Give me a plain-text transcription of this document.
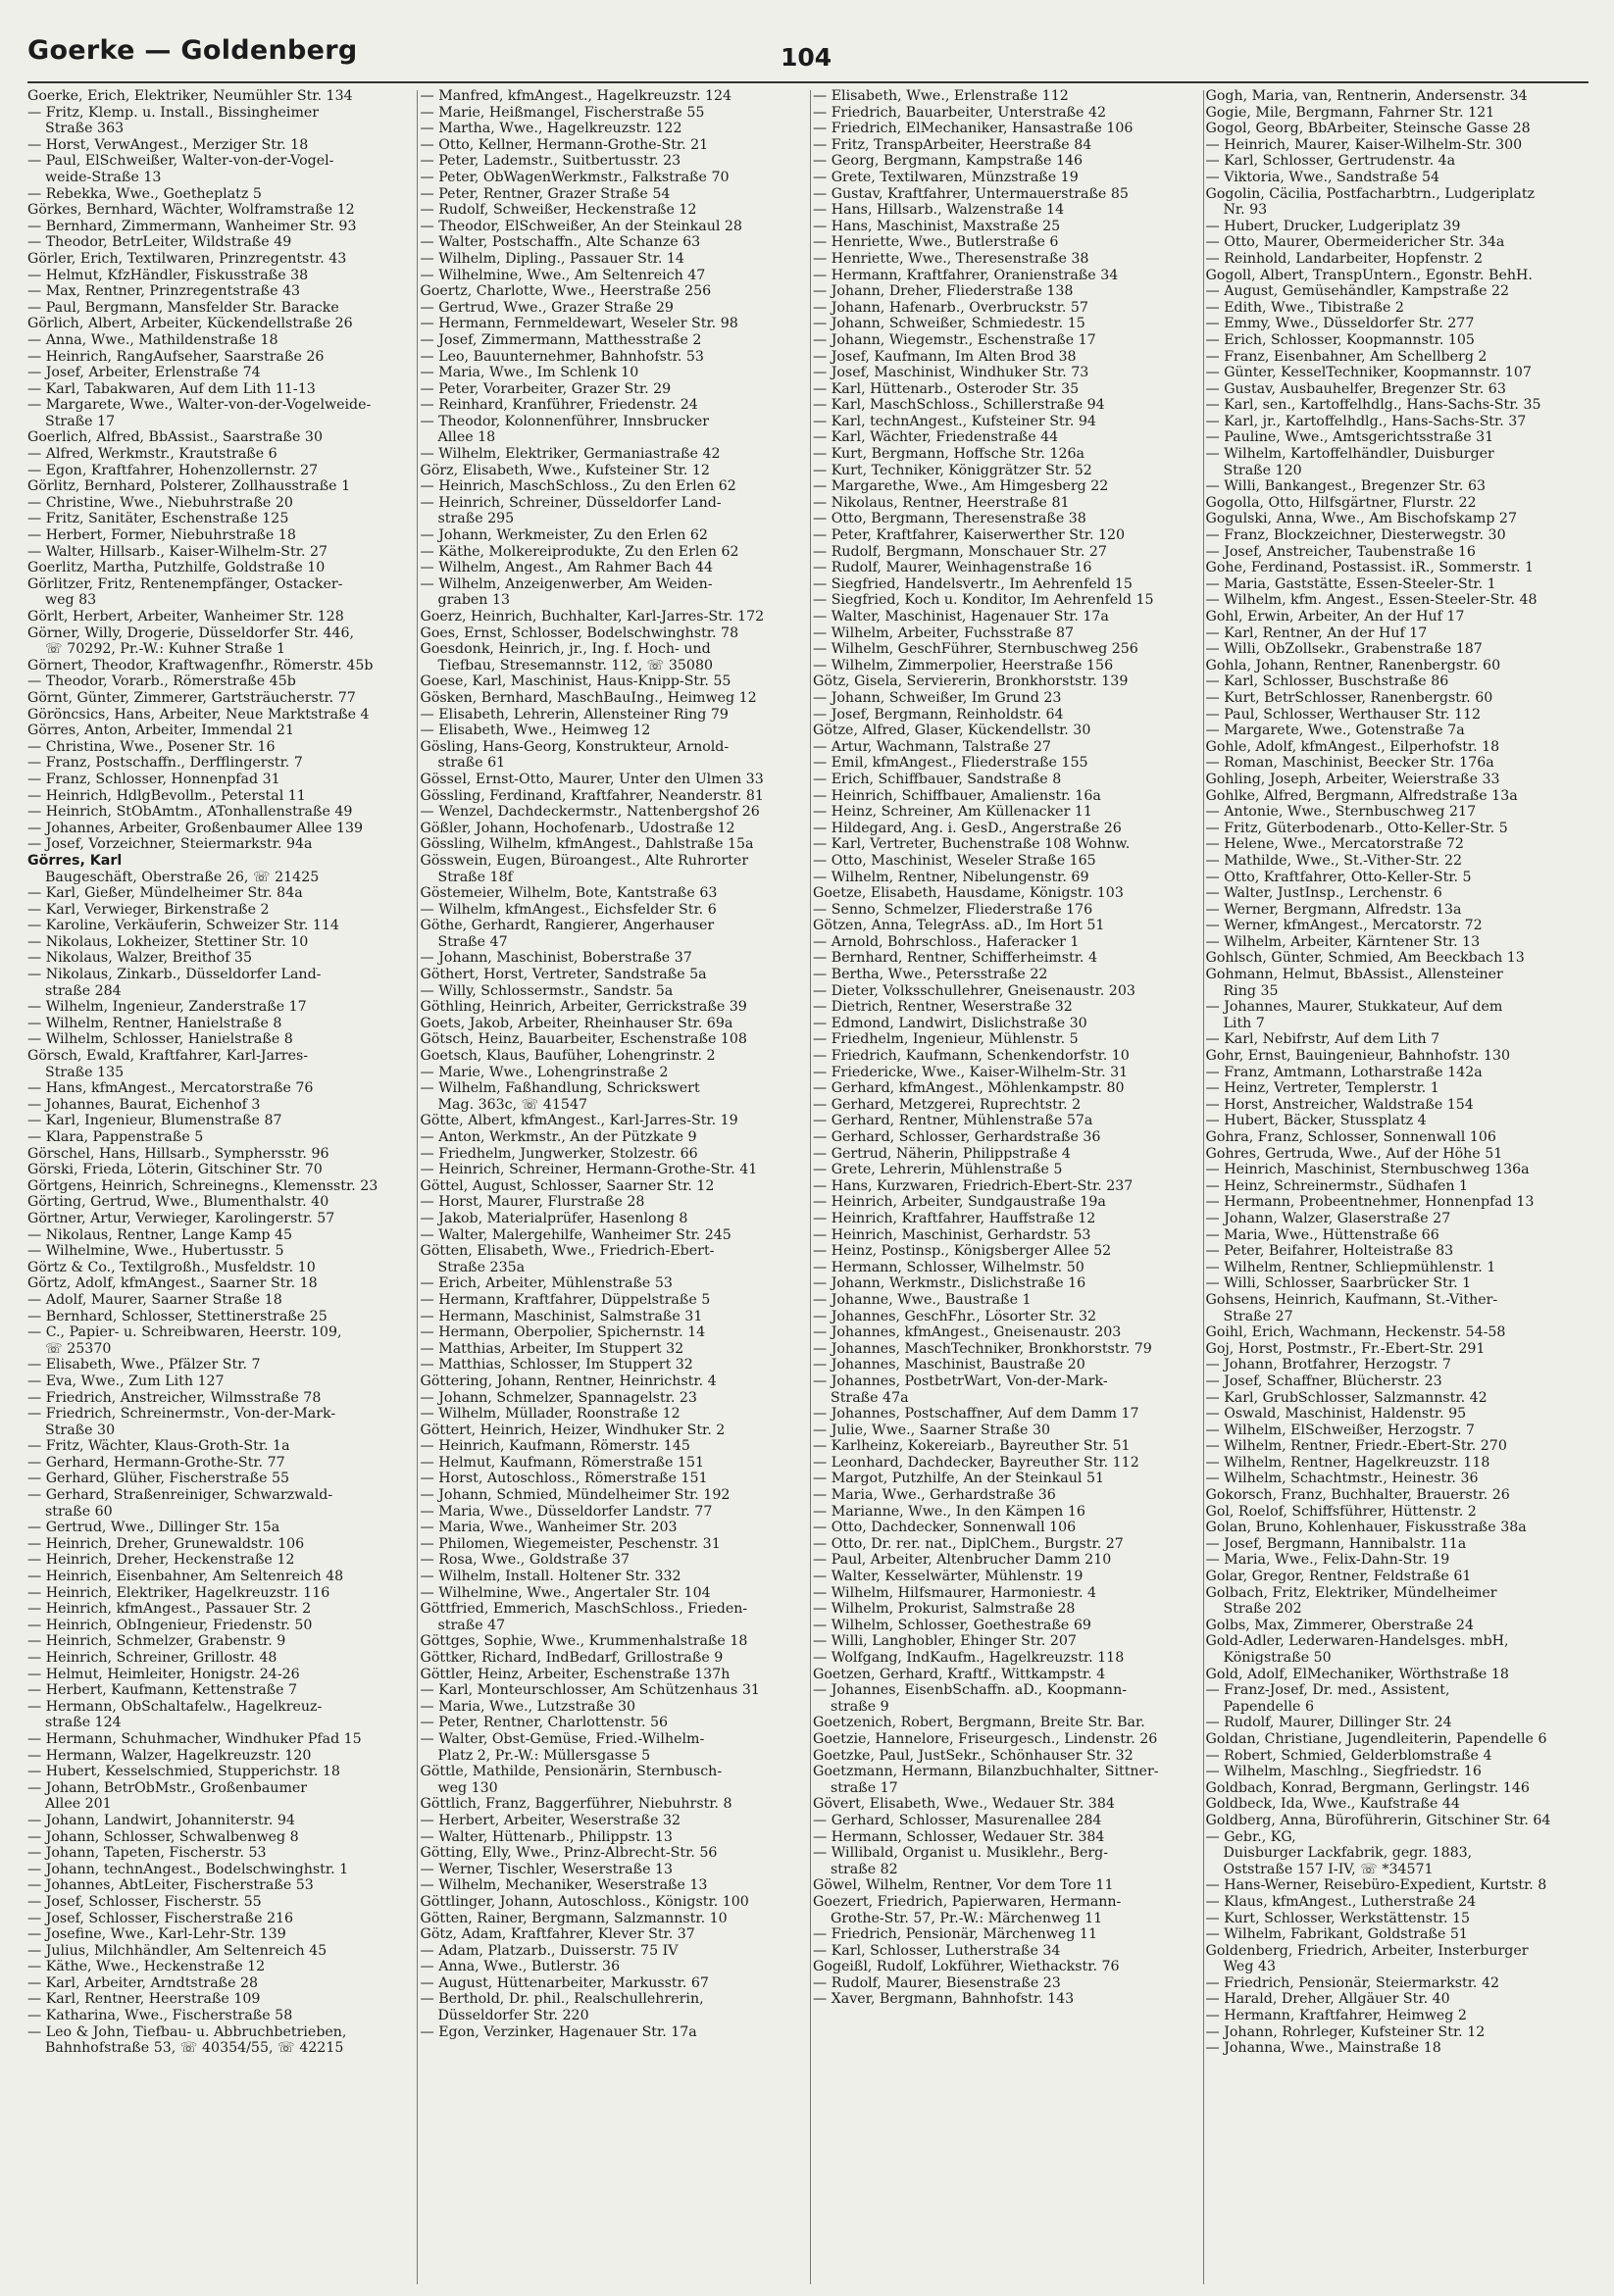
Goerke — Goldenberg	104
Goerke, Erich, Elektriker, Neumühler Str. 134
— Fritz, Klemp. u. Install., Bissingheimer
Straße 363
— Horst, VerwAngest., Merziger Str. 18
— Paul, ElSchweißer, Walter-von-der-Vogel-
weide-Straße 13
— Rebekka, Wwe., Goetheplatz 5
Görkes, Bernhard, Wächter, Wolframstraße 12
— Bernhard, Zimmermann, Wanheimer Str. 93
— Theodor, BetrLeiter, Wildstraße 49
Görler, Erich, Textilwaren, Prinzregentstr. 43
— Helmut, KfzHändler, Fiskusstraße 38
— Max, Rentner, Prinzregentstraße 43
— Paul, Bergmann, Mansfelder Str. Baracke
Görlich, Albert, Arbeiter, Kückendellstraße 26
— Anna, Wwe., Mathildenstraße 18
— Heinrich, RangAufseher, Saarstraße 26
— Josef, Arbeiter, Erlenstraße 74
— Karl, Tabakwaren, Auf dem Lith 11-13
— Margarete, Wwe., Walter-von-der-Vogelweide-
Straße 17
Goerlich, Alfred, BbAssist., Saarstraße 30
— Alfred, Werkmstr., Krautstraße 6
— Egon, Kraftfahrer, Hohenzollernstr. 27
Görlitz, Bernhard, Polsterer, Zollhausstraße 1
— Christine, Wwe., Niebuhrstraße 20
— Fritz, Sanitäter, Eschenstraße 125
— Herbert, Former, Niebuhrstraße 18
— Walter, Hillsarb., Kaiser-Wilhelm-Str. 27
Goerlitz, Martha, Putzhilfe, Goldstraße 10
Görlitzer, Fritz, Rentenempfänger, Ostacker-
weg 83
Görlt, Herbert, Arbeiter, Wanheimer Str. 128
Görner, Willy, Drogerie, Düsseldorfer Str. 446,
☏ 70292, Pr.-W.: Kuhner Straße 1
Görnert, Theodor, Kraftwagenfhr., Römerstr. 45b
— Theodor, Vorarb., Römerstraße 45b
Görnt, Günter, Zimmerer, Gartsträucherstr. 77
Göröncsics, Hans, Arbeiter, Neue Marktstraße 4
Görres, Anton, Arbeiter, Immendal 21
— Christina, Wwe., Posener Str. 16
— Franz, Postschaffn., Derfflingerstr. 7
— Franz, Schlosser, Honnenpfad 31
— Heinrich, HdlgBevollm., Peterstal 11
— Heinrich, StObAmtm., ATonhallenstraße 49
— Johannes, Arbeiter, Großenbaumer Allee 139
— Josef, Vorzeichner, Steiermarkstr. 94a
Görres, Karl
Baugeschäft, Oberstraße 26, ☏ 21425
— Karl, Gießer, Mündelheimer Str. 84a
— Karl, Verwieger, Birkenstraße 2
— Karoline, Verkäuferin, Schweizer Str. 114
— Nikolaus, Lokheizer, Stettiner Str. 10
— Nikolaus, Walzer, Breithof 35
— Nikolaus, Zinkarb., Düsseldorfer Land-
straße 284
— Wilhelm, Ingenieur, Zanderstraße 17
— Wilhelm, Rentner, Hanielstraße 8
— Wilhelm, Schlosser, Hanielstraße 8
Görsch, Ewald, Kraftfahrer, Karl-Jarres-
Straße 135
— Hans, kfmAngest., Mercatorstraße 76
— Johannes, Baurat, Eichenhof 3
— Karl, Ingenieur, Blumenstraße 87
— Klara, Pappenstraße 5
Görschel, Hans, Hillsarb., Symphersstr. 96
Görski, Frieda, Löterin, Gitschiner Str. 70
Görtgens, Heinrich, Schreinegns., Klemensstr. 23
Görting, Gertrud, Wwe., Blumenthalstr. 40
Görtner, Artur, Verwieger, Karolingerstr. 57
— Nikolaus, Rentner, Lange Kamp 45
— Wilhelmine, Wwe., Hubertusstr. 5
Görtz & Co., Textilgroßh., Musfeldstr. 10
Görtz, Adolf, kfmAngest., Saarner Str. 18
— Adolf, Maurer, Saarner Straße 18
— Bernhard, Schlosser, Stettinerstraße 25
— C., Papier- u. Schreibwaren, Heerstr. 109,
☏ 25370
— Elisabeth, Wwe., Pfälzer Str. 7
— Eva, Wwe., Zum Lith 127
— Friedrich, Anstreicher, Wilmsstraße 78
— Friedrich, Schreinermstr., Von-der-Mark-
Straße 30
— Fritz, Wächter, Klaus-Groth-Str. 1a
— Gerhard, Hermann-Grothe-Str. 77
— Gerhard, Glüher, Fischerstraße 55
— Gerhard, Straßenreiniger, Schwarzwald-
straße 60
— Gertrud, Wwe., Dillinger Str. 15a
— Heinrich, Dreher, Grunewaldstr. 106
— Heinrich, Dreher, Heckenstraße 12
— Heinrich, Eisenbahner, Am Seltenreich 48
— Heinrich, Elektriker, Hagelkreuzstr. 116
— Heinrich, kfmAngest., Passauer Str. 2
— Heinrich, ObIngenieur, Friedenstr. 50
— Heinrich, Schmelzer, Grabenstr. 9
— Heinrich, Schreiner, Grillostr. 48
— Helmut, Heimleiter, Honigstr. 24-26
— Herbert, Kaufmann, Kettenstraße 7
— Hermann, ObSchaltafelw., Hagelkreuz-
straße 124
— Hermann, Schuhmacher, Windhuker Pfad 15
— Hermann, Walzer, Hagelkreuzstr. 120
— Hubert, Kesselschmied, Stupperichstr. 18
— Johann, BetrObMstr., Großenbaumer
Allee 201
— Johann, Landwirt, Johanniterstr. 94
— Johann, Schlosser, Schwalbenweg 8
— Johann, Tapeten, Fischerstr. 53
— Johann, technAngest., Bodelschwinghstr. 1
— Johannes, AbtLeiter, Fischerstraße 53
— Josef, Schlosser, Fischerstr. 55
— Josef, Schlosser, Fischerstraße 216
— Josefine, Wwe., Karl-Lehr-Str. 139
— Julius, Milchhändler, Am Seltenreich 45
— Käthe, Wwe., Heckenstraße 12
— Karl, Arbeiter, Arndtstraße 28
— Karl, Rentner, Heerstraße 109
— Katharina, Wwe., Fischerstraße 58
— Leo & John, Tiefbau- u. Abbruchbetrieben,
Bahnhofstraße 53, ☏ 40354/55, ☏ 42215
— Manfred, kfmAngest., Hagelkreuzstr. 124
— Marie, Heißmangel, Fischerstraße 55
— Martha, Wwe., Hagelkreuzstr. 122
— Otto, Kellner, Hermann-Grothe-Str. 21
— Peter, Lademstr., Suitbertusstr. 23
— Peter, ObWagenWerkmstr., Falkstraße 70
— Peter, Rentner, Grazer Straße 54
— Rudolf, Schweißer, Heckenstraße 12
— Theodor, ElSchweißer, An der Steinkaul 28
— Walter, Postschaffn., Alte Schanze 63
— Wilhelm, Dipling., Passauer Str. 14
— Wilhelmine, Wwe., Am Seltenreich 47
Goertz, Charlotte, Wwe., Heerstraße 256
— Gertrud, Wwe., Grazer Straße 29
— Hermann, Fernmeldewart, Weseler Str. 98
— Josef, Zimmermann, Matthesstraße 2
— Leo, Bauunternehmer, Bahnhofstr. 53
— Maria, Wwe., Im Schlenk 10
— Peter, Vorarbeiter, Grazer Str. 29
— Reinhard, Kranführer, Friedenstr. 24
— Theodor, Kolonnenführer, Innsbrucker
Allee 18
— Wilhelm, Elektriker, Germaniastraße 42
Görz, Elisabeth, Wwe., Kufsteiner Str. 12
— Heinrich, MaschSchloss., Zu den Erlen 62
— Heinrich, Schreiner, Düsseldorfer Land-
straße 295
— Johann, Werkmeister, Zu den Erlen 62
— Käthe, Molkereiprodukte, Zu den Erlen 62
— Wilhelm, Angest., Am Rahmer Bach 44
— Wilhelm, Anzeigenwerber, Am Weiden-
graben 13
Goerz, Heinrich, Buchhalter, Karl-Jarres-Str. 172
Goes, Ernst, Schlosser, Bodelschwinghstr. 78
Goesdonk, Heinrich, jr., Ing. f. Hoch- und
Tiefbau, Stresemannstr. 112, ☏ 35080
Goese, Karl, Maschinist, Haus-Knipp-Str. 55
Gösken, Bernhard, MaschBauIng., Heimweg 12
— Elisabeth, Lehrerin, Allensteiner Ring 79
— Elisabeth, Wwe., Heimweg 12
Gösling, Hans-Georg, Konstrukteur, Arnold-
straße 61
Gössel, Ernst-Otto, Maurer, Unter den Ulmen 33
Gössling, Ferdinand, Kraftfahrer, Neanderstr. 81
— Wenzel, Dachdeckermstr., Nattenbergshof 26
Gößler, Johann, Hochofenarb., Udostraße 12
Gössling, Wilhelm, kfmAngest., Dahlstraße 15a
Gösswein, Eugen, Büroangest., Alte Ruhrorter
Straße 18f
Göstemeier, Wilhelm, Bote, Kantstraße 63
— Wilhelm, kfmAngest., Eichsfelder Str. 6
Göthe, Gerhardt, Rangierer, Angerhauser
Straße 47
— Johann, Maschinist, Boberstraße 37
Göthert, Horst, Vertreter, Sandstraße 5a
— Willy, Schlossermstr., Sandstr. 5a
Göthling, Heinrich, Arbeiter, Gerrickstraße 39
Goets, Jakob, Arbeiter, Rheinhauser Str. 69a
Götsch, Heinz, Bauarbeiter, Eschenstraße 108
Goetsch, Klaus, Baufüher, Lohengrinstr. 2
— Marie, Wwe., Lohengrinstraße 2
— Wilhelm, Faßhandlung, Schrickswert
Mag. 363c, ☏ 41547
Götte, Albert, kfmAngest., Karl-Jarres-Str. 19
— Anton, Werkmstr., An der Pützkate 9
— Friedhelm, Jungwerker, Stolzestr. 66
— Heinrich, Schreiner, Hermann-Grothe-Str. 41
Göttel, August, Schlosser, Saarner Str. 12
— Horst, Maurer, Flurstraße 28
— Jakob, Materialprüfer, Hasenlong 8
— Walter, Malergehilfe, Wanheimer Str. 245
Götten, Elisabeth, Wwe., Friedrich-Ebert-
Straße 235a
— Erich, Arbeiter, Mühlenstraße 53
— Hermann, Kraftfahrer, Düppelstraße 5
— Hermann, Maschinist, Salmstraße 31
— Hermann, Oberpolier, Spichernstr. 14
— Matthias, Arbeiter, Im Stuppert 32
— Matthias, Schlosser, Im Stuppert 32
Göttering, Johann, Rentner, Heinrichstr. 4
— Johann, Schmelzer, Spannagelstr. 23
— Wilhelm, Müllader, Roonstraße 12
Göttert, Heinrich, Heizer, Windhuker Str. 2
— Heinrich, Kaufmann, Römerstr. 145
— Helmut, Kaufmann, Römerstraße 151
— Horst, Autoschloss., Römerstraße 151
— Johann, Schmied, Mündelheimer Str. 192
— Maria, Wwe., Düsseldorfer Landstr. 77
— Maria, Wwe., Wanheimer Str. 203
— Philomen, Wiegemeister, Peschenstr. 31
— Rosa, Wwe., Goldstraße 37
— Wilhelm, Install. Holtener Str. 332
— Wilhelmine, Wwe., Angertaler Str. 104
Göttfried, Emmerich, MaschSchloss., Frieden-
straße 47
Göttges, Sophie, Wwe., Krummenhalstraße 18
Göttker, Richard, IndBedarf, Grillostraße 9
Göttler, Heinz, Arbeiter, Eschenstraße 137h
— Karl, Monteurschlosser, Am Schützenhaus 31
— Maria, Wwe., Lutzstraße 30
— Peter, Rentner, Charlottenstr. 56
— Walter, Obst-Gemüse, Fried.-Wilhelm-
Platz 2, Pr.-W.: Müllersgasse 5
Göttle, Mathilde, Pensionärin, Sternbusch-
weg 130
Göttlich, Franz, Baggerführer, Niebuhrstr. 8
— Herbert, Arbeiter, Weserstraße 32
— Walter, Hüttenarb., Philippstr. 13
Götting, Elly, Wwe., Prinz-Albrecht-Str. 56
— Werner, Tischler, Weserstraße 13
— Wilhelm, Mechaniker, Weserstraße 13
Göttlinger, Johann, Autoschloss., Königstr. 100
Götten, Rainer, Bergmann, Salzmannstr. 10
Götz, Adam, Kraftfahrer, Klever Str. 37
— Adam, Platzarb., Duisserstr. 75 IV
— Anna, Wwe., Butlerstr. 36
— August, Hüttenarbeiter, Markusstr. 67
— Berthold, Dr. phil., Realschullehrerin,
Düsseldorfer Str. 220
— Egon, Verzinker, Hagenauer Str. 17a
— Elisabeth, Wwe., Erlenstraße 112
— Friedrich, Bauarbeiter, Unterstraße 42
— Friedrich, ElMechaniker, Hansastraße 106
— Fritz, TranspArbeiter, Heerstraße 84
— Georg, Bergmann, Kampstraße 146
— Grete, Textilwaren, Münzstraße 19
— Gustav, Kraftfahrer, Untermauerstraße 85
— Hans, Hillsarb., Walzenstraße 14
— Hans, Maschinist, Maxstraße 25
— Henriette, Wwe., Butlerstraße 6
— Henriette, Wwe., Theresenstraße 38
— Hermann, Kraftfahrer, Oranienstraße 34
— Johann, Dreher, Fliederstraße 138
— Johann, Hafenarb., Overbruckstr. 57
— Johann, Schweißer, Schmiedestr. 15
— Johann, Wiegemstr., Eschenstraße 17
— Josef, Kaufmann, Im Alten Brod 38
— Josef, Maschinist, Windhuker Str. 73
— Karl, Hüttenarb., Osteroder Str. 35
— Karl, MaschSchloss., Schillerstraße 94
— Karl, technAngest., Kufsteiner Str. 94
— Karl, Wächter, Friedenstraße 44
— Kurt, Bergmann, Hoffsche Str. 126a
— Kurt, Techniker, Königgrätzer Str. 52
— Margarethe, Wwe., Am Himgesberg 22
— Nikolaus, Rentner, Heerstraße 81
— Otto, Bergmann, Theresenstraße 38
— Peter, Kraftfahrer, Kaiserwerther Str. 120
— Rudolf, Bergmann, Monschauer Str. 27
— Rudolf, Maurer, Weinhagenstraße 16
— Siegfried, Handelsvertr., Im Aehrenfeld 15
— Siegfried, Koch u. Konditor, Im Aehrenfeld 15
— Walter, Maschinist, Hagenauer Str. 17a
— Wilhelm, Arbeiter, Fuchsstraße 87
— Wilhelm, GeschFührer, Sternbuschweg 256
— Wilhelm, Zimmerpolier, Heerstraße 156
Götz, Gisela, Serviererin, Bronkhorststr. 139
— Johann, Schweißer, Im Grund 23
— Josef, Bergmann, Reinholdstr. 64
Götze, Alfred, Glaser, Kückendellstr. 30
— Artur, Wachmann, Talstraße 27
— Emil, kfmAngest., Fliederstraße 155
— Erich, Schiffbauer, Sandstraße 8
— Heinrich, Schiffbauer, Amalienstr. 16a
— Heinz, Schreiner, Am Küllenacker 11
— Hildegard, Ang. i. GesD., Angerstraße 26
— Karl, Vertreter, Buchenstraße 108 Wohnw.
— Otto, Maschinist, Weseler Straße 165
— Wilhelm, Rentner, Nibelungenstr. 69
Goetze, Elisabeth, Hausdame, Königstr. 103
— Senno, Schmelzer, Fliederstraße 176
Götzen, Anna, TelegrAss. aD., Im Hort 51
— Arnold, Bohrschloss., Haferacker 1
— Bernhard, Rentner, Schifferheimstr. 4
— Bertha, Wwe., Petersstraße 22
— Dieter, Volksschullehrer, Gneisenaustr. 203
— Dietrich, Rentner, Weserstraße 32
— Edmond, Landwirt, Dislichstraße 30
— Friedhelm, Ingenieur, Mühlenstr. 5
— Friedrich, Kaufmann, Schenkendorfstr. 10
— Friedericke, Wwe., Kaiser-Wilhelm-Str. 31
— Gerhard, kfmAngest., Möhlenkampstr. 80
— Gerhard, Metzgerei, Ruprechtstr. 2
— Gerhard, Rentner, Mühlenstraße 57a
— Gerhard, Schlosser, Gerhardstraße 36
— Gertrud, Näherin, Philippstraße 4
— Grete, Lehrerin, Mühlenstraße 5
— Hans, Kurzwaren, Friedrich-Ebert-Str. 237
— Heinrich, Arbeiter, Sundgaustraße 19a
— Heinrich, Kraftfahrer, Hauffstraße 12
— Heinrich, Maschinist, Gerhardstr. 53
— Heinz, Postinsp., Königsberger Allee 52
— Hermann, Schlosser, Wilhelmstr. 50
— Johann, Werkmstr., Dislichstraße 16
— Johanne, Wwe., Baustraße 1
— Johannes, GeschFhr., Lösorter Str. 32
— Johannes, kfmAngest., Gneisenaustr. 203
— Johannes, MaschTechniker, Bronkhorststr. 79
— Johannes, Maschinist, Baustraße 20
— Johannes, PostbetrWart, Von-der-Mark-
Straße 47a
— Johannes, Postschaffner, Auf dem Damm 17
— Julie, Wwe., Saarner Straße 30
— Karlheinz, Kokereiarb., Bayreuther Str. 51
— Leonhard, Dachdecker, Bayreuther Str. 112
— Margot, Putzhilfe, An der Steinkaul 51
— Maria, Wwe., Gerhardstraße 36
— Marianne, Wwe., In den Kämpen 16
— Otto, Dachdecker, Sonnenwall 106
— Otto, Dr. rer. nat., DiplChem., Burgstr. 27
— Paul, Arbeiter, Altenbrucher Damm 210
— Walter, Kesselwärter, Mühlenstr. 19
— Wilhelm, Hilfsmaurer, Harmoniestr. 4
— Wilhelm, Prokurist, Salmstraße 28
— Wilhelm, Schlosser, Goethestraße 69
— Willi, Langhobler, Ehinger Str. 207
— Wolfgang, IndKaufm., Hagelkreuzstr. 118
Goetzen, Gerhard, Kraftf., Wittkampstr. 4
— Johannes, EisenbSchaffn. aD., Koopmann-
straße 9
Goetzenich, Robert, Bergmann, Breite Str. Bar.
Goetzie, Hannelore, Friseurgesch., Lindenstr. 26
Goetzke, Paul, JustSekr., Schönhauser Str. 32
Goetzmann, Hermann, Bilanzbuchhalter, Sittner-
straße 17
Gövert, Elisabeth, Wwe., Wedauer Str. 384
— Gerhard, Schlosser, Masurenallee 284
— Hermann, Schlosser, Wedauer Str. 384
— Willibald, Organist u. Musiklehr., Berg-
straße 82
Göwel, Wilhelm, Rentner, Vor dem Tore 11
Goezert, Friedrich, Papierwaren, Hermann-
Grothe-Str. 57, Pr.-W.: Märchenweg 11
— Friedrich, Pensionär, Märchenweg 11
— Karl, Schlosser, Lutherstraße 34
Gogeißl, Rudolf, Lokführer, Wiethackstr. 76
— Rudolf, Maurer, Biesenstraße 23
— Xaver, Bergmann, Bahnhofstr. 143
Gogh, Maria, van, Rentnerin, Andersenstr. 34
Gogie, Mile, Bergmann, Fahrner Str. 121
Gogol, Georg, BbArbeiter, Steinsche Gasse 28
— Heinrich, Maurer, Kaiser-Wilhelm-Str. 300
— Karl, Schlosser, Gertrudenstr. 4a
— Viktoria, Wwe., Sandstraße 54
Gogolin, Cäcilia, Postfacharbtrn., Ludgeriplatz
Nr. 93
— Hubert, Drucker, Ludgeriplatz 39
— Otto, Maurer, Obermeidericher Str. 34a
— Reinhold, Landarbeiter, Hopfenstr. 2
Gogoll, Albert, TranspUntern., Egonstr. BehH.
— August, Gemüsehändler, Kampstraße 22
— Edith, Wwe., Tibistraße 2
— Emmy, Wwe., Düsseldorfer Str. 277
— Erich, Schlosser, Koopmannstr. 105
— Franz, Eisenbahner, Am Schellberg 2
— Günter, KesselTechniker, Koopmannstr. 107
— Gustav, Ausbauhelfer, Bregenzer Str. 63
— Karl, sen., Kartoffelhdlg., Hans-Sachs-Str. 35
— Karl, jr., Kartoffelhdlg., Hans-Sachs-Str. 37
— Pauline, Wwe., Amtsgerichtsstraße 31
— Wilhelm, Kartoffelhändler, Duisburger
Straße 120
— Willi, Bankangest., Bregenzer Str. 63
Gogolla, Otto, Hilfsgärtner, Flurstr. 22
Gogulski, Anna, Wwe., Am Bischofskamp 27
— Franz, Blockzeichner, Diesterwegstr. 30
— Josef, Anstreicher, Taubenstraße 16
Gohe, Ferdinand, Postassist. iR., Sommerstr. 1
— Maria, Gaststätte, Essen-Steeler-Str. 1
— Wilhelm, kfm. Angest., Essen-Steeler-Str. 48
Gohl, Erwin, Arbeiter, An der Huf 17
— Karl, Rentner, An der Huf 17
— Willi, ObZollsekr., Grabenstraße 187
Gohla, Johann, Rentner, Ranenbergstr. 60
— Karl, Schlosser, Buschstraße 86
— Kurt, BetrSchlosser, Ranenbergstr. 60
— Paul, Schlosser, Werthauser Str. 112
— Margarete, Wwe., Gotenstraße 7a
Gohle, Adolf, kfmAngest., Eilperhofstr. 18
— Roman, Maschinist, Beecker Str. 176a
Gohling, Joseph, Arbeiter, Weierstraße 33
Gohlke, Alfred, Bergmann, Alfredstraße 13a
— Antonie, Wwe., Sternbuschweg 217
— Fritz, Güterbodenarb., Otto-Keller-Str. 5
— Helene, Wwe., Mercatorstraße 72
— Mathilde, Wwe., St.-Vither-Str. 22
— Otto, Kraftfahrer, Otto-Keller-Str. 5
— Walter, JustInsp., Lerchenstr. 6
— Werner, Bergmann, Alfredstr. 13a
— Werner, kfmAngest., Mercatorstr. 72
— Wilhelm, Arbeiter, Kärntener Str. 13
Gohlsch, Günter, Schmied, Am Beeckbach 13
Gohmann, Helmut, BbAssist., Allensteiner
Ring 35
— Johannes, Maurer, Stukkateur, Auf dem
Lith 7
— Karl, Nebifrstr, Auf dem Lith 7
Gohr, Ernst, Bauingenieur, Bahnhofstr. 130
— Franz, Amtmann, Lotharstraße 142a
— Heinz, Vertreter, Templerstr. 1
— Horst, Anstreicher, Waldstraße 154
— Hubert, Bäcker, Stussplatz 4
Gohra, Franz, Schlosser, Sonnenwall 106
Gohres, Gertruda, Wwe., Auf der Höhe 51
— Heinrich, Maschinist, Sternbuschweg 136a
— Heinz, Schreinermstr., Südhafen 1
— Hermann, Probeentnehmer, Honnenpfad 13
— Johann, Walzer, Glaserstraße 27
— Maria, Wwe., Hüttenstraße 66
— Peter, Beifahrer, Holteistraße 83
— Wilhelm, Rentner, Schliepmühlenstr. 1
— Willi, Schlosser, Saarbrücker Str. 1
Gohsens, Heinrich, Kaufmann, St.-Vither-
Straße 27
Goihl, Erich, Wachmann, Heckenstr. 54-58
Goj, Horst, Postmstr., Fr.-Ebert-Str. 291
— Johann, Brotfahrer, Herzogstr. 7
— Josef, Schaffner, Blücherstr. 23
— Karl, GrubSchlosser, Salzmannstr. 42
— Oswald, Maschinist, Haldenstr. 95
— Wilhelm, ElSchweißer, Herzogstr. 7
— Wilhelm, Rentner, Friedr.-Ebert-Str. 270
— Wilhelm, Rentner, Hagelkreuzstr. 118
— Wilhelm, Schachtmstr., Heinestr. 36
Gokorsch, Franz, Buchhalter, Brauerstr. 26
Gol, Roelof, Schiffsführer, Hüttenstr. 2
Golan, Bruno, Kohlenhauer, Fiskusstraße 38a
— Josef, Bergmann, Hannibalstr. 11a
— Maria, Wwe., Felix-Dahn-Str. 19
Golar, Gregor, Rentner, Feldstraße 61
Golbach, Fritz, Elektriker, Mündelheimer
Straße 202
Golbs, Max, Zimmerer, Oberstraße 24
Gold-Adler, Lederwaren-Handelsges. mbH,
Königstraße 50
Gold, Adolf, ElMechaniker, Wörthstraße 18
— Franz-Josef, Dr. med., Assistent,
Papendelle 6
— Rudolf, Maurer, Dillinger Str. 24
Goldan, Christiane, Jugendleiterin, Papendelle 6
— Robert, Schmied, Gelderblomstraße 4
— Wilhelm, Maschlng., Siegfriedstr. 16
Goldbach, Konrad, Bergmann, Gerlingstr. 146
Goldbeck, Ida, Wwe., Kaufstraße 44
Goldberg, Anna, Büroführerin, Gitschiner Str. 64
— Gebr., KG,
Duisburger Lackfabrik, gegr. 1883,
Oststraße 157 I-IV, ☏ *34571
— Hans-Werner, Reisebüro-Expedient, Kurtstr. 8
— Klaus, kfmAngest., Lutherstraße 24
— Kurt, Schlosser, Werkstättenstr. 15
— Wilhelm, Fabrikant, Goldstraße 51
Goldenberg, Friedrich, Arbeiter, Insterburger
Weg 43
— Friedrich, Pensionär, Steiermarkstr. 42
— Harald, Dreher, Allgäuer Str. 40
— Hermann, Kraftfahrer, Heimweg 2
— Johann, Rohrleger, Kufsteiner Str. 12
— Johanna, Wwe., Mainstraße 18
